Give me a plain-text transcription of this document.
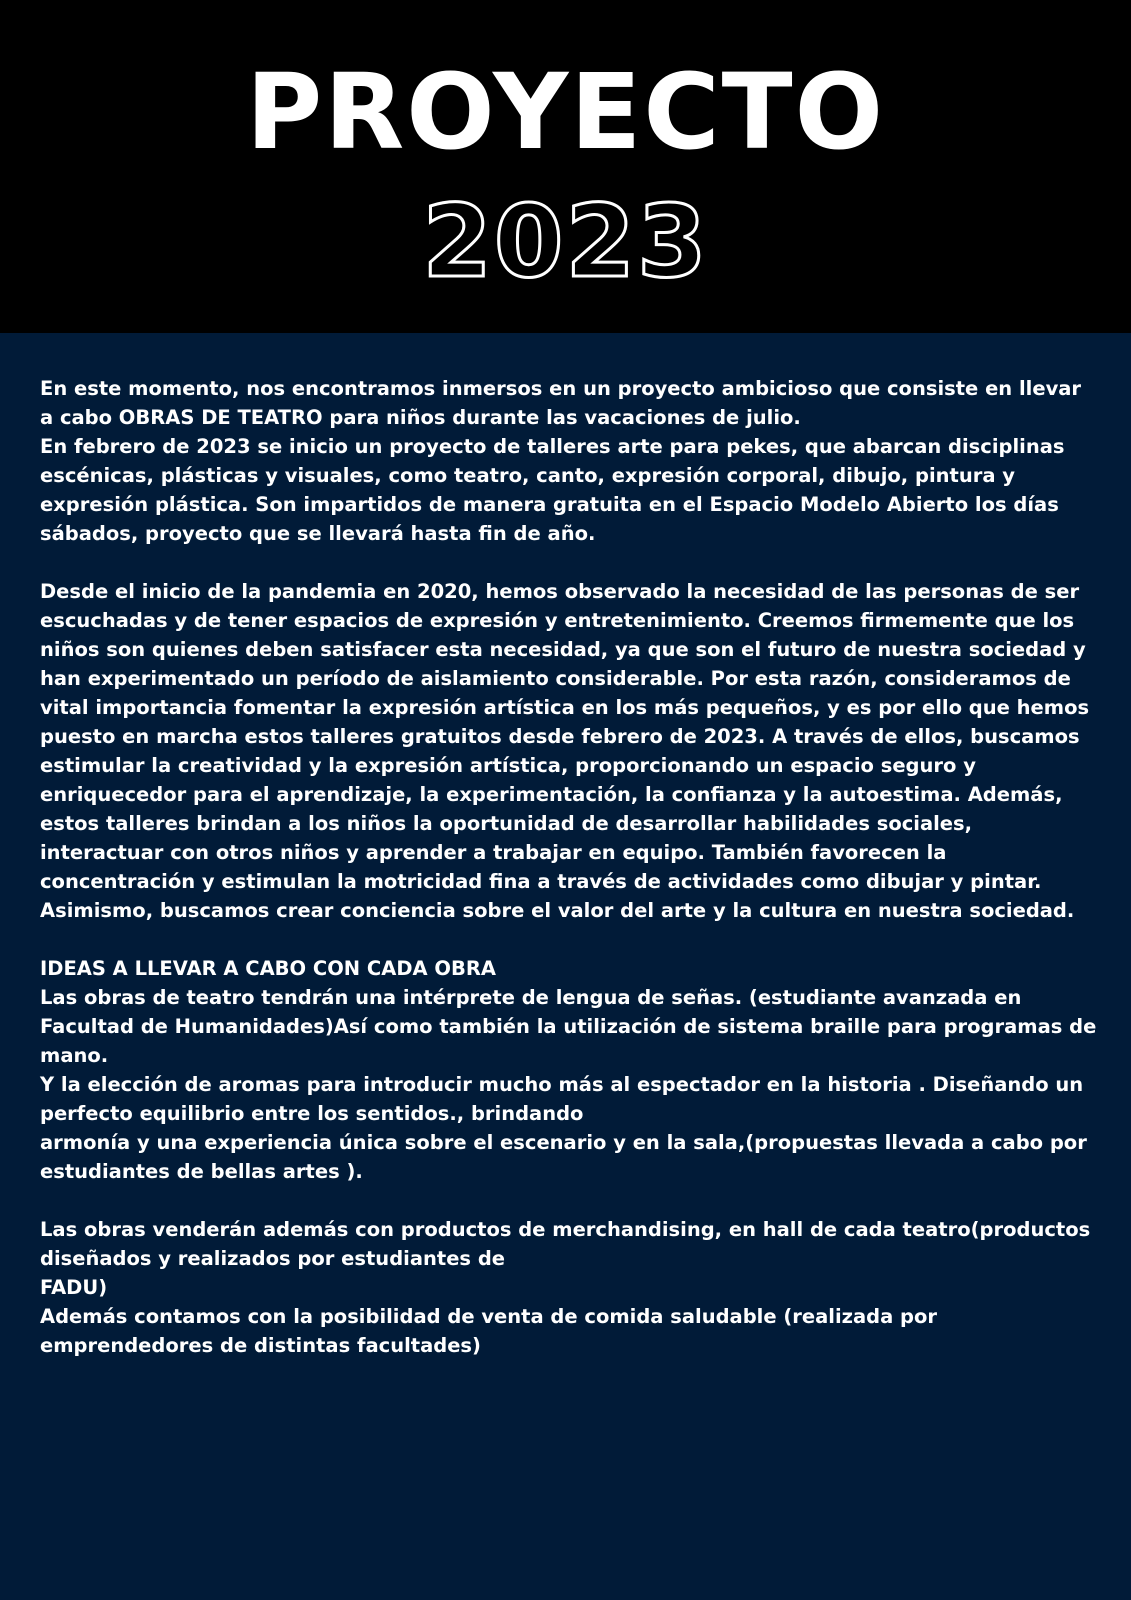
PROYECTO
2023

En este momento, nos encontramos inmersos en un proyecto ambicioso que consiste en llevar a cabo OBRAS DE TEATRO para niños durante las vacaciones de julio.

En febrero de 2023 se inicio un proyecto de talleres arte para pekes, que abarcan disciplinas escénicas, plásticas y visuales, como teatro, canto, expresión corporal, dibujo, pintura y expresión plástica. Son impartidos de manera gratuita en el Espacio Modelo Abierto los días sábados, proyecto que se llevará hasta fin de año.

Desde el inicio de la pandemia en 2020, hemos observado la necesidad de las personas de ser escuchadas y de tener espacios de expresión y entretenimiento. Creemos firmemente que los niños son quienes deben satisfacer esta necesidad, ya que son el futuro de nuestra sociedad y han experimentado un período de aislamiento considerable. Por esta razón, consideramos de vital importancia fomentar la expresión artística en los más pequeños, y es por ello que hemos puesto en marcha estos talleres gratuitos desde febrero de 2023. A través de ellos, buscamos estimular la creatividad y la expresión artística, proporcionando un espacio seguro y enriquecedor para el aprendizaje, la experimentación, la confianza y la autoestima. Además, estos talleres brindan a los niños la oportunidad de desarrollar habilidades sociales, interactuar con otros niños y aprender a trabajar en equipo. También favorecen la concentración y estimulan la motricidad fina a través de actividades como dibujar y pintar. Asimismo, buscamos crear conciencia sobre el valor del arte y la cultura en nuestra sociedad.

IDEAS A LLEVAR A CABO CON CADA OBRA

Las obras de teatro tendrán una intérprete de lengua de señas. (estudiante avanzada en Facultad de Humanidades)Así como también la utilización de sistema braille para programas de mano.

Y la elección de aromas para introducir mucho más al espectador en la historia . Diseñando un perfecto equilibrio entre los sentidos., brindando

armonía y una experiencia única sobre el escenario y en la sala,(propuestas llevada a cabo por estudiantes de bellas artes ).

Las obras venderán además con productos de merchandising, en hall de cada teatro(productos diseñados y realizados por estudiantes de

FADU)

Además contamos con la posibilidad de venta de comida saludable (realizada por emprendedores de distintas facultades)
